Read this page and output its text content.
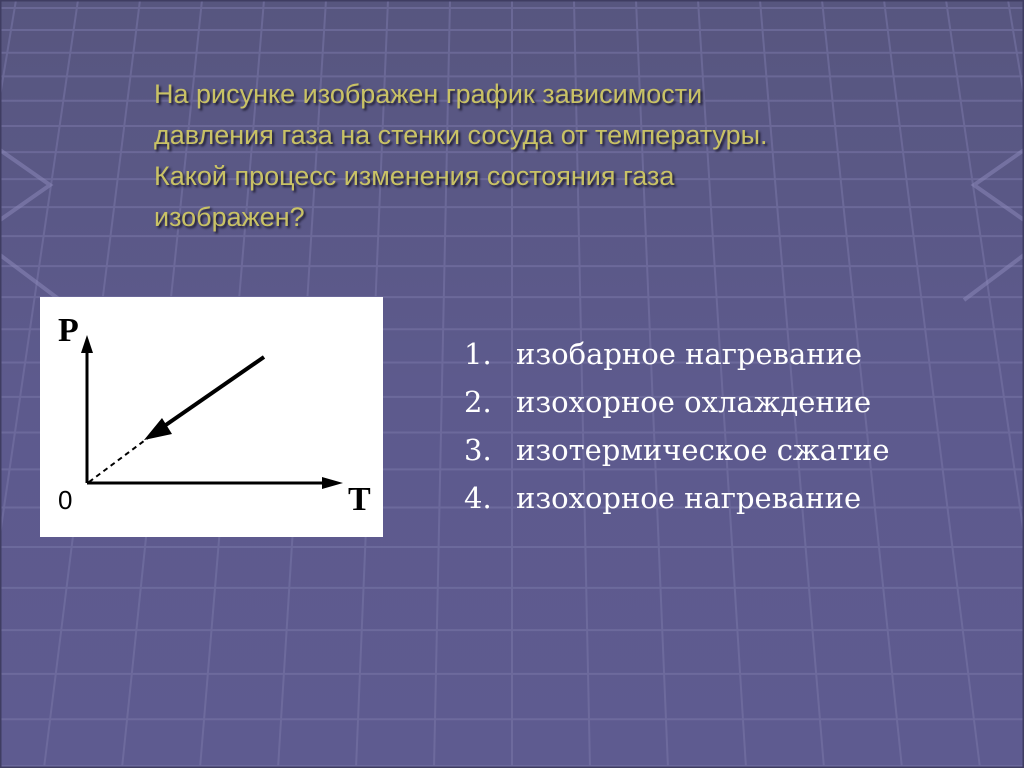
На рисунке изображен график зависимости
давления газа на стенки сосуда от температуры.
Какой процесс изменения состояния газа
изображен?
P
T
0
1. изобарное нагревание
2. изохорное охлаждение
3. изотермическое сжатие
4. изохорное нагревание
